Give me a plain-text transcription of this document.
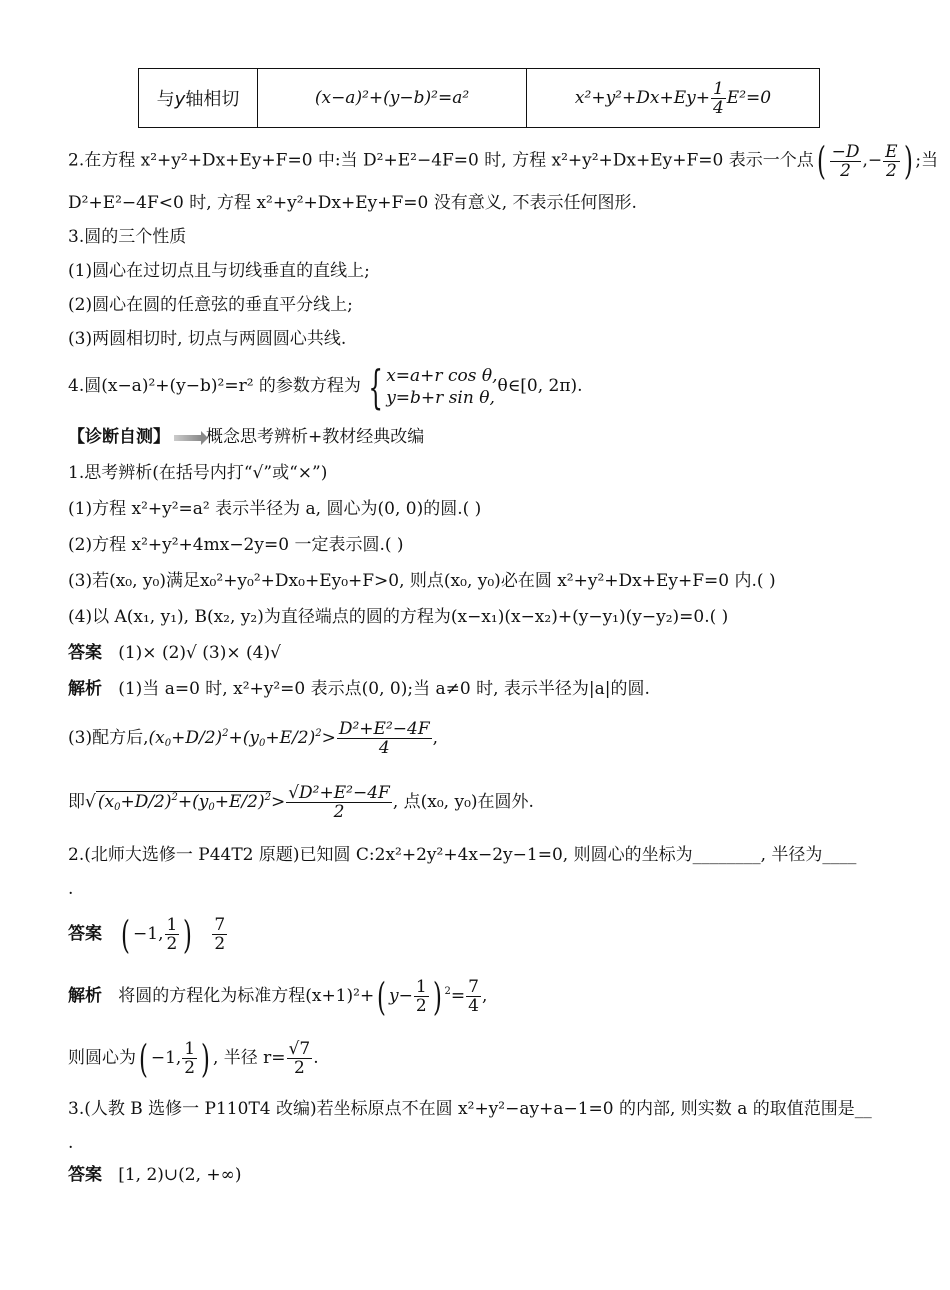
与y轴相切	(x−a)²+(y−b)²=a²	$x^2+y^2+Dx+Ey+ \frac{1}{4} E^2=0$
2.在方程 x²+y²+Dx+Ey+F=0 中:当 D²+E²−4F=0 时, 方程 x²+y²+Dx+Ey+F=0 表示一个点( $\frac{-D}{2}$ ,− $\frac{E}{2}$ ) ;当
D²+E²−4F<0 时, 方程 x²+y²+Dx+Ey+F=0 没有意义, 不表示任何图形.
3.圆的三个性质
(1)圆心在过切点且与切线垂直的直线上;
(2)圆心在圆的任意弦的垂直平分线上;
(3)两圆相切时, 切点与两圆圆心共线.
4.圆(x−a)²+(y−b)²=r² 的参数方程为 { x=a+r cos θ,
y=b+r sin θ,
θ∈[0, 2π).
【诊断自测】 概念思考辨析+教材经典改编
1.思考辨析(在括号内打“√”或“×”)
(1)方程 x²+y²=a² 表示半径为 a, 圆心为(0, 0)的圆.( )
(2)方程 x²+y²+4mx−2y=0 一定表示圆.( )
(3)若(x₀, y₀)满足x₀²+y₀²+Dx₀+Ey₀+F>0, 则点(x₀, y₀)必在圆 x²+y²+Dx+Ey+F=0 内.( )
(4)以 A(x₁, y₁), B(x₂, y₂)为直径端点的圆的方程为(x−x₁)(x−x₂)+(y−y₁)(y−y₂)=0.( )
答案 (1)× (2)√ (3)× (4)√
解析 (1)当 a=0 时, x²+y²=0 表示点(0, 0);当 a≠0 时, 表示半径为|a|的圆.
(3)配方后$,(x_0+D/2)^2+(y_0+E/2)^2> \frac{\text{D²+E²−4F}}{4}$ ,
即√ $(x_0+D/2)^2+(y_0+E/2)^2> \frac{\text{√D²+E²−4F}}{2}$ , 点(x₀, y₀)在圆外.
2.(北师大选修一 P44T2 原题)已知圆 C:2x²+2y²+4x−2y−1=0, 则圆心的坐标为________, 半径为____
.
答案 ( −1, $\frac{1}{2}$ ) $\frac{7}{2}$
解析 将圆的方程化为标准方程(x+1)²+( $y- \frac{1}{2}$ ) $^2= \frac{7}{4}$ ,
则圆心为( −1, $\frac{1}{2}$ ) , 半径 $r= \frac{√7}{2}$ .
3.(人教 B 选修一 P110T4 改编)若坐标原点不在圆 x²+y²−ay+a−1=0 的内部, 则实数 a 的取值范围是__
.
答案 [1, 2)∪(2, +∞)
